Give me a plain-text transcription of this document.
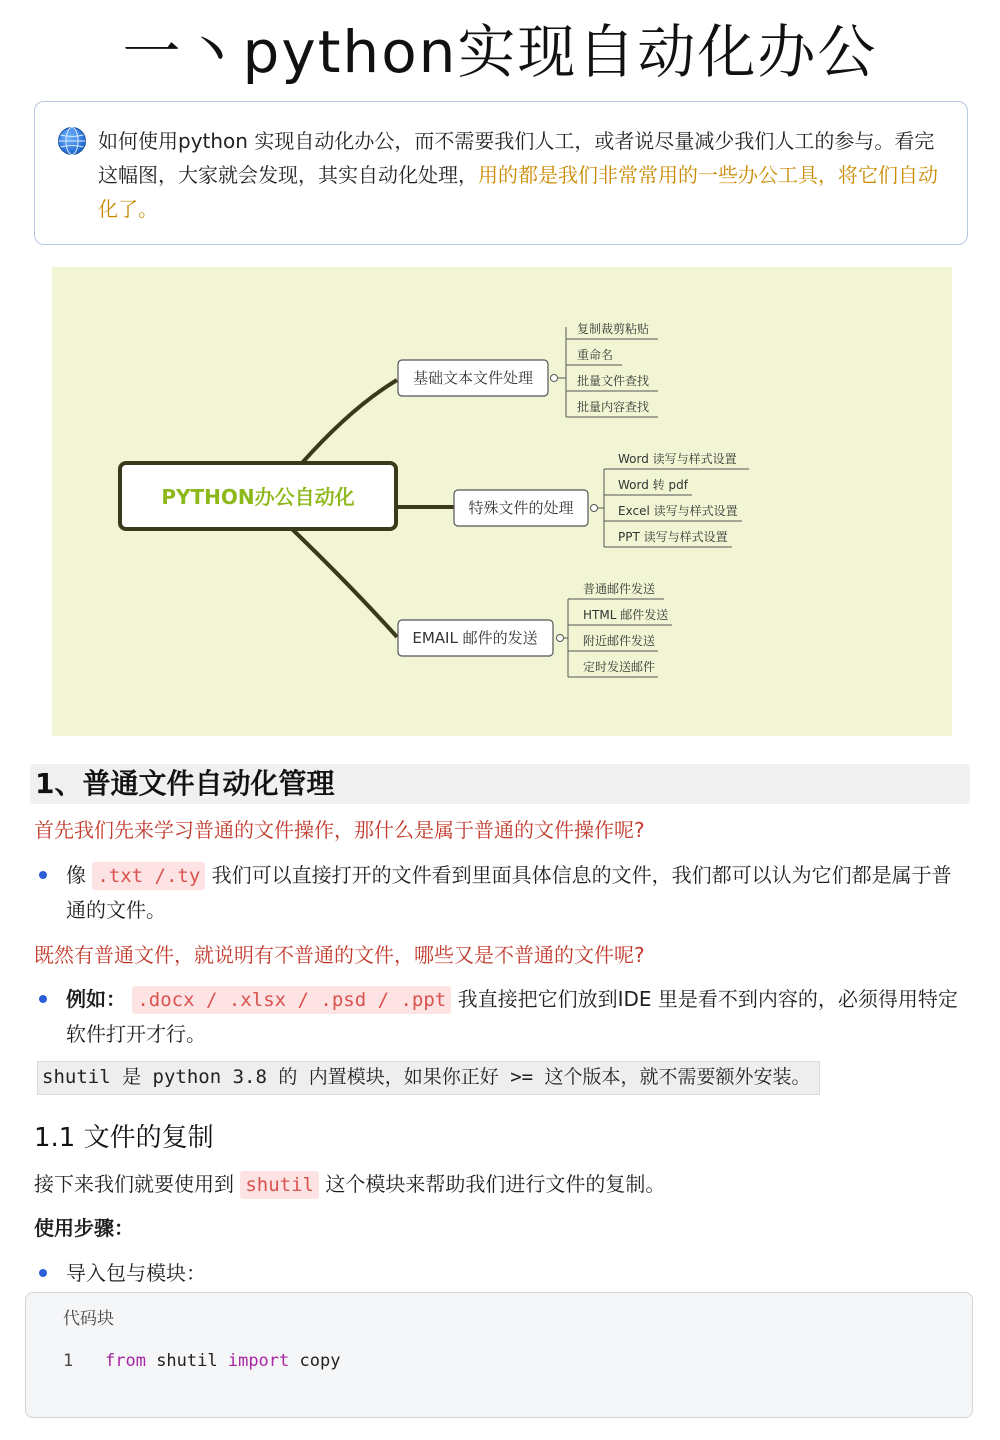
一丶python实现自动化办公
如何使用python 实现自动化办公，而不需要我们人工，或者说尽量减少我们人工的参与。看完这幅图，大家就会发现，其实自动化处理，用的都是我们非常常用的一些办公工具，将它们自动化了。
PYTHON办公自动化
基础文本文件处理
复制裁剪粘贴
重命名
批量文件查找
批量内容查找
特殊文件的处理
Word 读写与样式设置
Word 转 pdf
Excel 读写与样式设置
PPT 读写与样式设置
EMAIL 邮件的发送
普通邮件发送
HTML 邮件发送
附近邮件发送
定时发送邮件
1、普通文件自动化管理
首先我们先来学习普通的文件操作，那什么是属于普通的文件操作呢?
像 .txt /.ty 我们可以直接打开的文件看到里面具体信息的文件，我们都可以认为它们都是属于普通的文件。
既然有普通文件，就说明有不普通的文件，哪些又是不普通的文件呢?
例如： .docx / .xlsx / .psd / .ppt 我直接把它们放到IDE 里是看不到内容的，必须得用特定软件打开才行。
shutil 是 python 3.8 的 内置模块，如果你正好 >= 这个版本，就不需要额外安装。
1.1 文件的复制
接下来我们就要使用到 shutil 这个模块来帮助我们进行文件的复制。
使用步骤：
导入包与模块：
代码块
1 from shutil import copy
